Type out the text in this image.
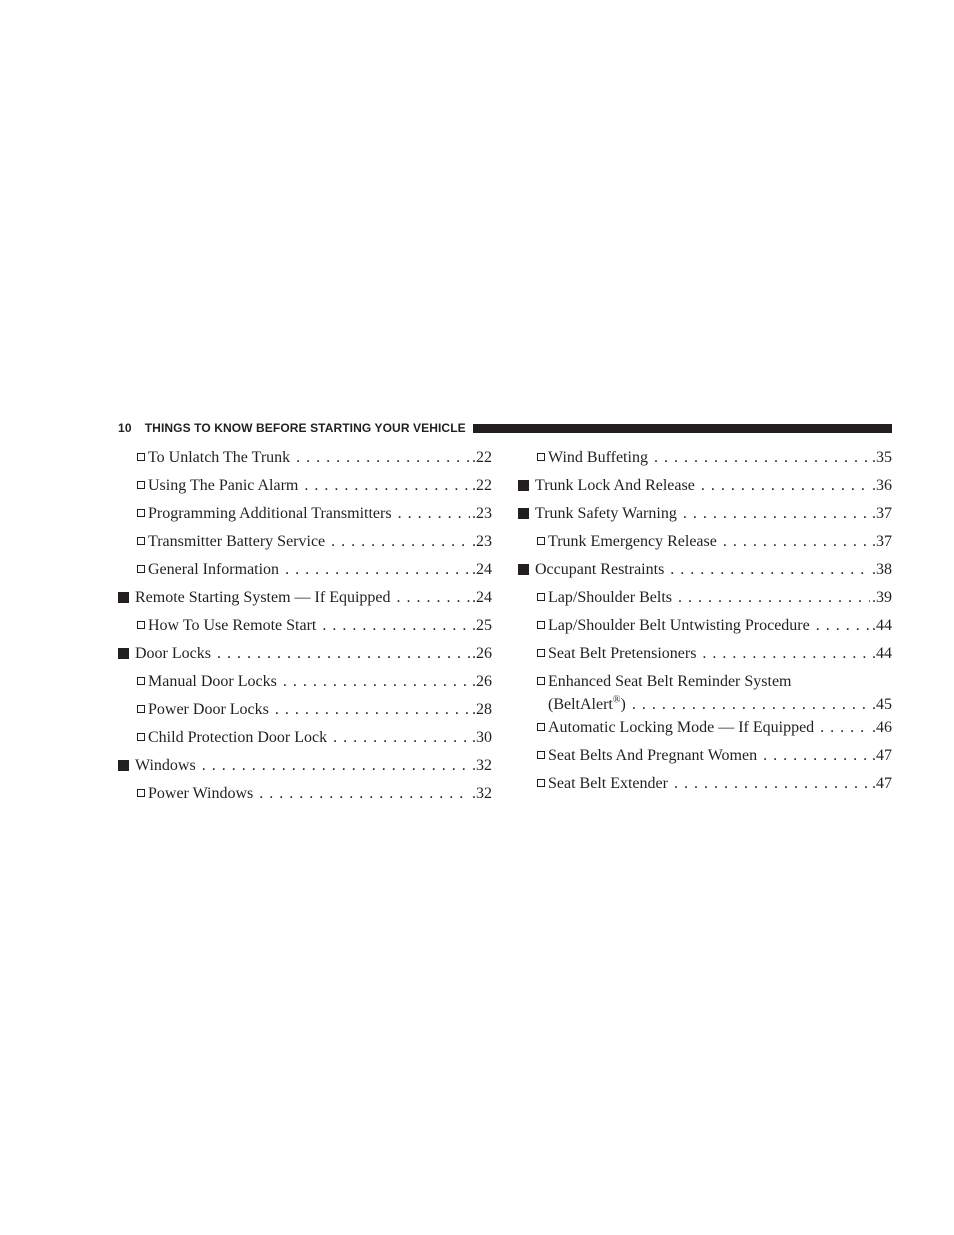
10 THINGS TO KNOW BEFORE STARTING YOUR VEHICLE
To Unlatch The Trunk . . .	. 22
Using The Panic Alarm . . .	. 22
Programming Additional Transmitters . . .	. 23
Transmitter Battery Service . . .	. 23
General Information . . .	. 24
Remote Starting System — If Equipped . . .	. 24
How To Use Remote Start . . .	. 25
Door Locks . . .	. 26
Manual Door Locks . . .	. 26
Power Door Locks . . .	. 28
Child Protection Door Lock . . .	. 30
Windows . . .	. 32
Power Windows . . .	. 32
Wind Buffeting . . .	. 35
Trunk Lock And Release . . .	. 36
Trunk Safety Warning . . .	. 37
Trunk Emergency Release . . .	. 37
Occupant Restraints . . .	. 38
Lap/Shoulder Belts . . .	. 39
Lap/Shoulder Belt Untwisting Procedure . . .	. 44
Seat Belt Pretensioners . . .	. 44
Enhanced Seat Belt Reminder System
(BeltAlert®) . . .	. 45
Automatic Locking Mode — If Equipped . . .	. 46
Seat Belts And Pregnant Women . . .	. 47
Seat Belt Extender . . .	. 47
